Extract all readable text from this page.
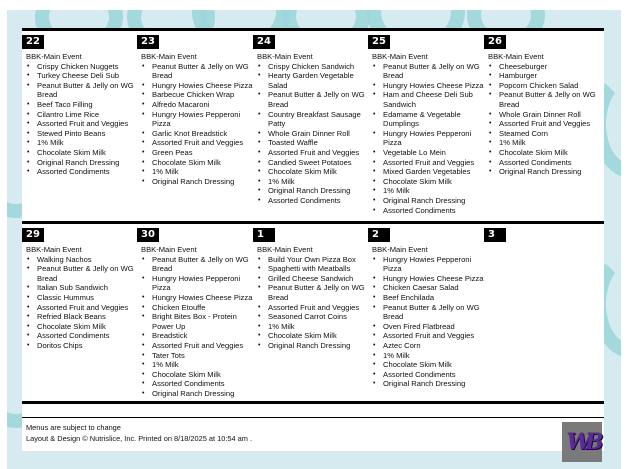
22
BBK-Main Event
• Crispy Chicken Nuggets
• Turkey Cheese Deli Sub
• Peanut Butter & Jelly on WG Bread
• Beef Taco Filling
• Cilantro Lime Rice
• Assorted Fruit and Veggies
• Stewed Pinto Beans
• 1% Milk
• Chocolate Skim Milk
• Original Ranch Dressing
• Assorted Condiments
23
BBK-Main Event
• Peanut Butter & Jelly on WG Bread
• Hungry Howies Cheese Pizza
• Barbecue Chicken Wrap
• Alfredo Macaroni
• Hungry Howies Pepperoni Pizza
• Garlic Knot Breadstick
• Assorted Fruit and Veggies
• Green Peas
• Chocolate Skim Milk
• 1% Milk
• Original Ranch Dressing
24
BBK-Main Event
• Crispy Chicken Sandwich
• Hearty Garden Vegetable Salad
• Peanut Butter & Jelly on WG Bread
• Country Breakfast Sausage Patty
• Whole Grain Dinner Roll
• Toasted Waffle
• Assorted Fruit and Veggies
• Candied Sweet Potatoes
• Chocolate Skim Milk
• 1% Milk
• Original Ranch Dressing
• Assorted Condiments
25
BBK-Main Event
• Peanut Butter & Jelly on WG Bread
• Hungry Howies Cheese Pizza
• Ham and Cheese Deli Sub Sandwich
• Edamame & Vegetable Dumplings
• Hungry Howies Pepperoni Pizza
• Vegetable Lo Mein
• Assorted Fruit and Veggies
• Mixed Garden Vegetables
• Chocolate Skim Milk
• 1% Milk
• Original Ranch Dressing
• Assorted Condiments
26
BBK-Main Event
• Cheeseburger
• Hamburger
• Popcorn Chicken Salad
• Peanut Butter & Jelly on WG Bread
• Whole Grain Dinner Roll
• Assorted Fruit and Veggies
• Steamed Corn
• 1% Milk
• Chocolate Skim Milk
• Assorted Condiments
• Original Ranch Dressing
29
BBK-Main Event
• Walking Nachos
• Peanut Butter & Jelly on WG Bread
• Italian Sub Sandwich
• Classic Hummus
• Assorted Fruit and Veggies
• Refried Black Beans
• Chocolate Skim Milk
• Assorted Condiments
• Doritos Chips
30
BBK-Main Event
• Peanut Butter & Jelly on WG Bread
• Hungry Howies Pepperoni Pizza
• Hungry Howies Cheese Pizza
• Chicken Etouffe
• Bright Bites Box - Protein Power Up
• Breadstick
• Assorted Fruit and Veggies
• Tater Tots
• 1% Milk
• Chocolate Skim Milk
• Assorted Condiments
• Original Ranch Dressing
1
BBK-Main Event
• Build Your Own Pizza Box
• Spaghetti with Meatballs
• Grilled Cheese Sandwich
• Peanut Butter & Jelly on WG Bread
• Assorted Fruit and Veggies
• Seasoned Carrot Coins
• 1% Milk
• Chocolate Skim Milk
• Original Ranch Dressing
2
BBK-Main Event
• Hungry Howies Pepperoni Pizza
• Hungry Howies Cheese Pizza
• Chicken Caesar Salad
• Beef Enchilada
• Peanut Butter & Jelly on WG Bread
• Oven Fired Flatbread
• Assorted Fruit and Veggies
• Aztec Corn
• 1% Milk
• Chocolate Skim Milk
• Assorted Condiments
• Original Ranch Dressing
3
Menus are subject to change
Layout & Design © Nutrislice, Inc. Printed on 8/18/2025 at 10:54 am .	WB
